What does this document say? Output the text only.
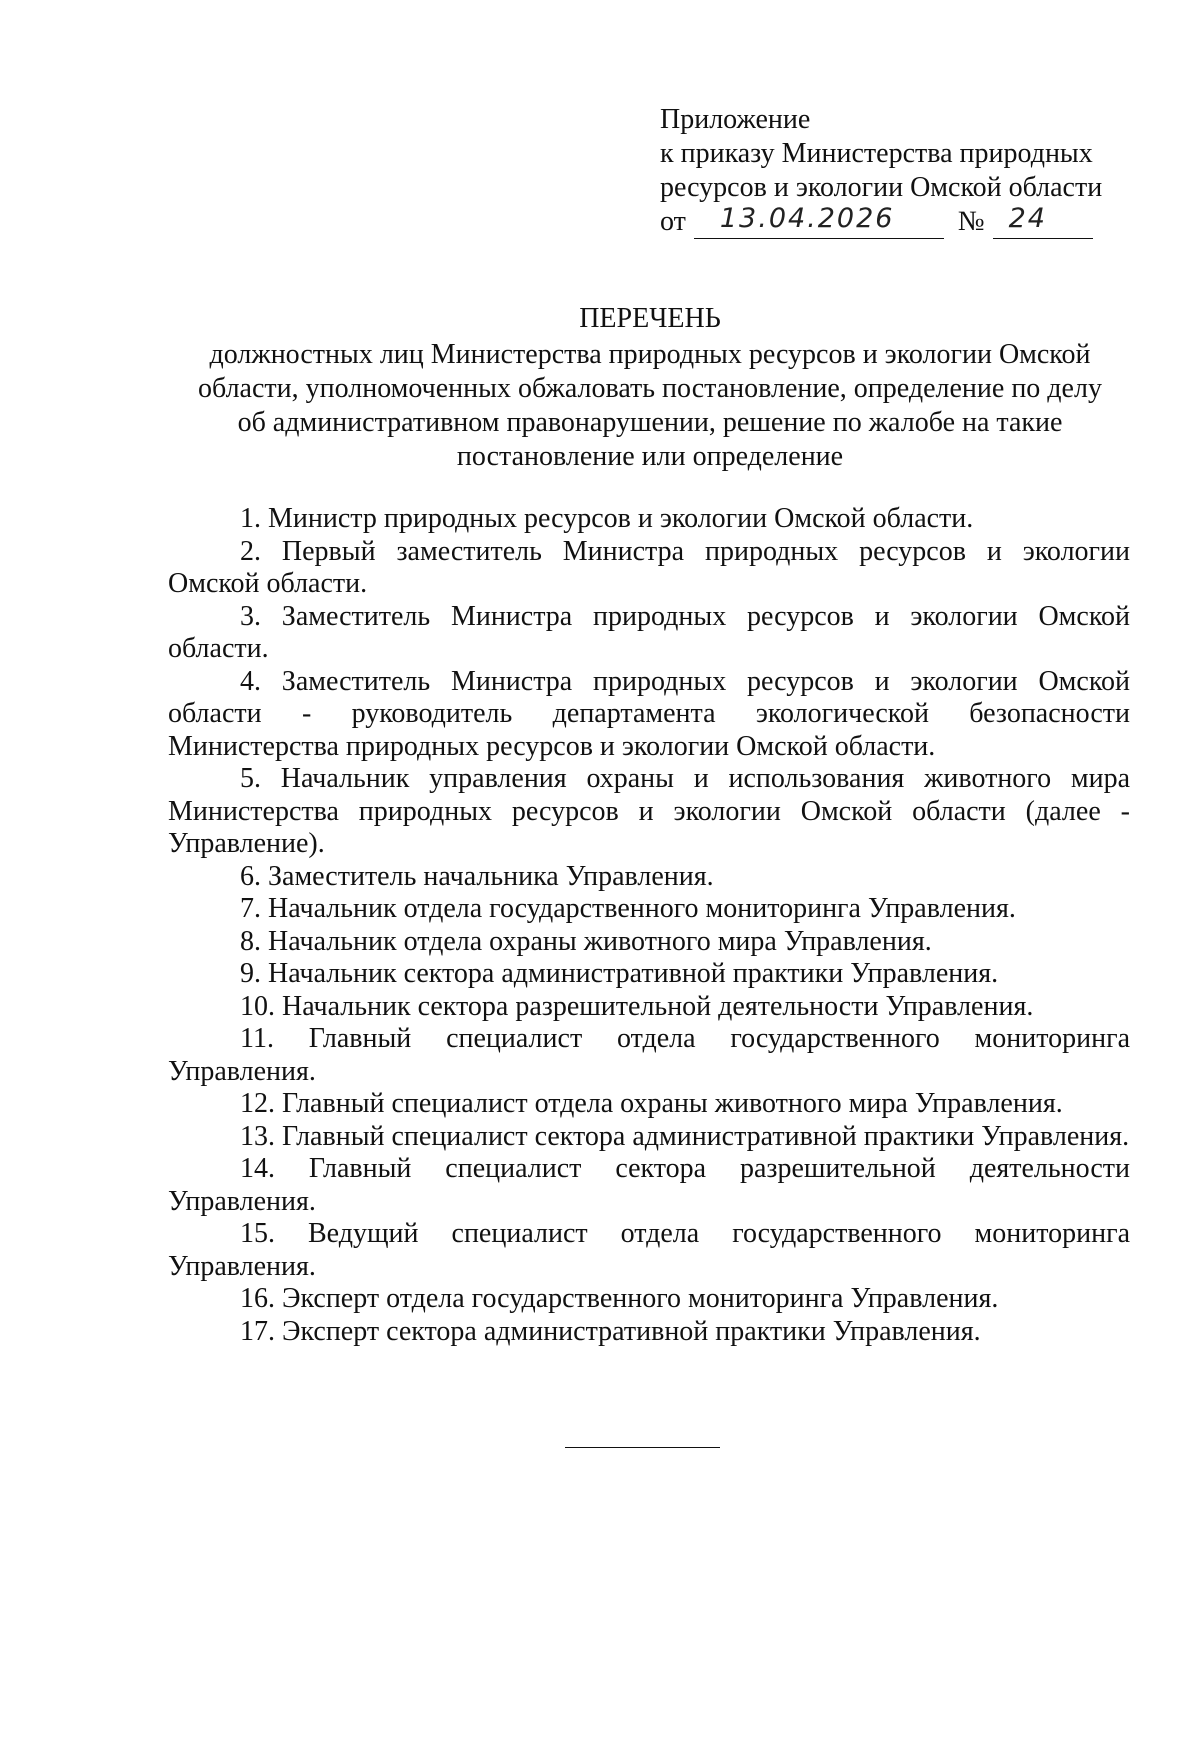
Приложение
к приказу Министерства природных
ресурсов и экологии Омской области
от 13.04.2026 № 24
ПЕРЕЧЕНЬ
должностных лиц Министерства природных ресурсов и экологии Омской
области, уполномоченных обжаловать постановление, определение по делу
об административном правонарушении, решение по жалобе на такие
постановление или определение

1. Министр природных ресурсов и экологии Омской области.

2. Первый заместитель Министра природных ресурсов и экологии Омской области.

3. Заместитель Министра природных ресурсов и экологии Омской области.

4. Заместитель Министра природных ресурсов и экологии Омской области - руководитель департамента экологической безопасности Министерства природных ресурсов и экологии Омской области.

5. Начальник управления охраны и использования животного мира Министерства природных ресурсов и экологии Омской области (далее - Управление).

6. Заместитель начальника Управления.

7. Начальник отдела государственного мониторинга Управления.

8. Начальник отдела охраны животного мира Управления.

9. Начальник сектора административной практики Управления.

10. Начальник сектора разрешительной деятельности Управления.

11. Главный специалист отдела государственного мониторинга Управления.

12. Главный специалист отдела охраны животного мира Управления.

13. Главный специалист сектора административной практики Управления.

14. Главный специалист сектора разрешительной деятельности Управления.

15. Ведущий специалист отдела государственного мониторинга Управления.

16. Эксперт отдела государственного мониторинга Управления.

17. Эксперт сектора административной практики Управления.
